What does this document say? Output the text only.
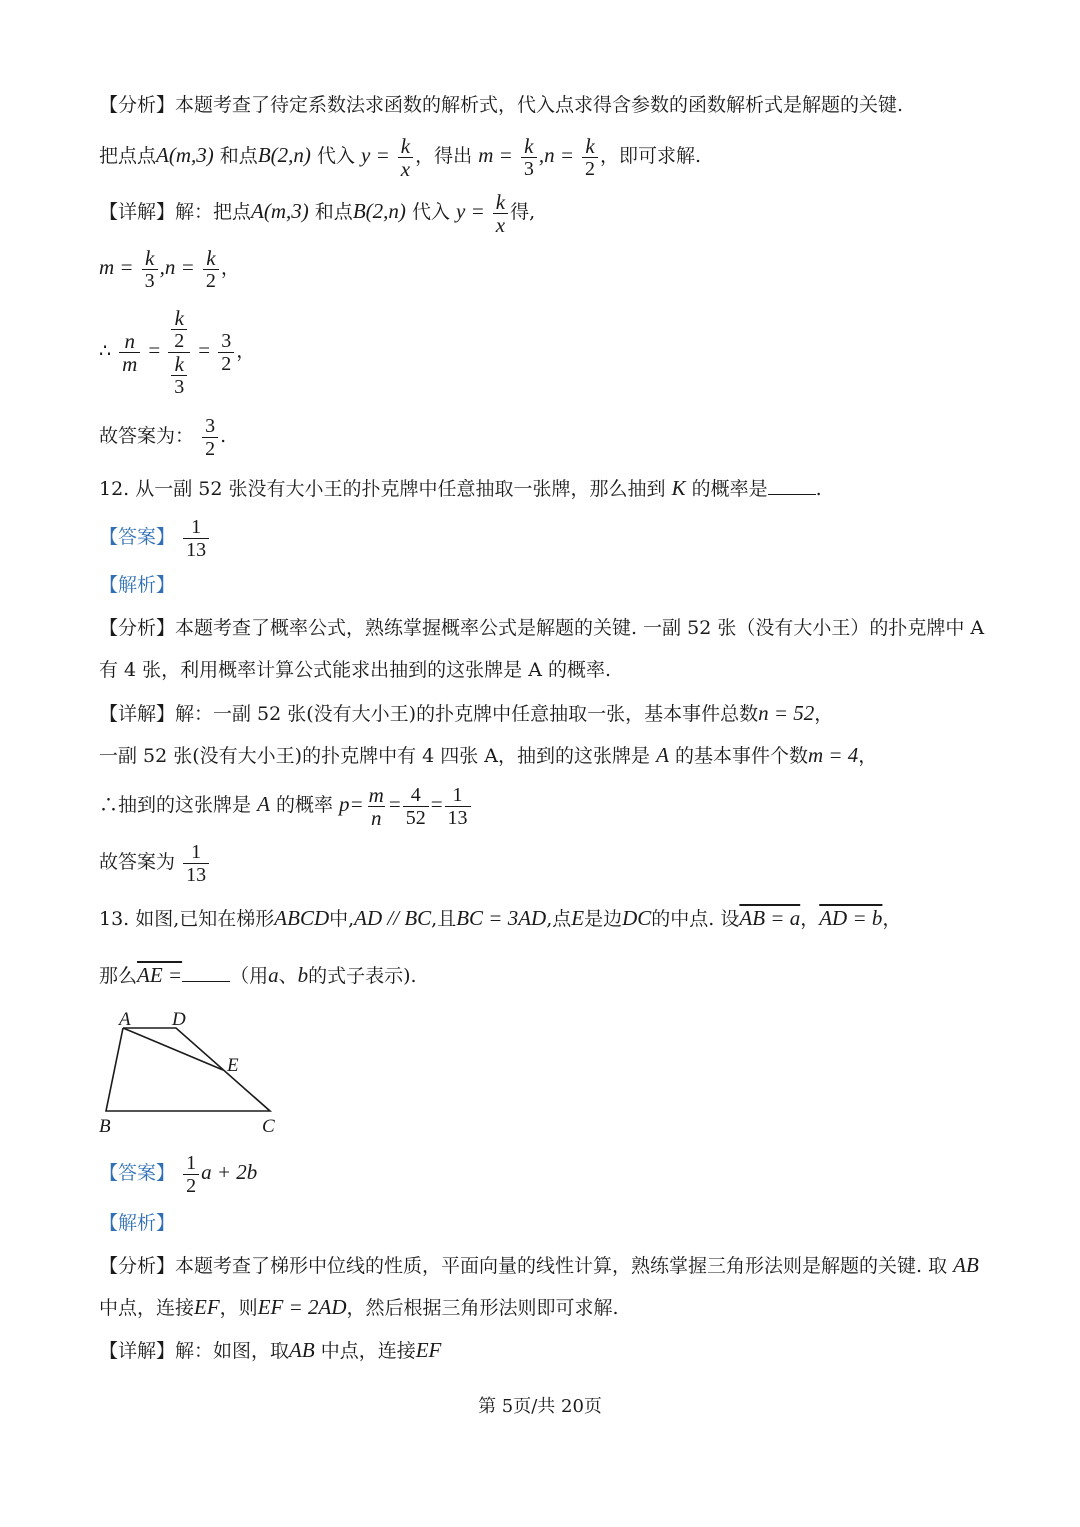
【分析】本题考查了待定系数法求函数的解析式，代入点求得含参数的函数解析式是解题的关键.
把点点A(m,3) 和点B(2,n) 代入 $y = \frac{k}{x}$ ，得出 $m = \frac{k}{3} ,n = \frac{k}{2}$ ，即可求解.
【详解】解：把点A(m,3) 和点B(2,n) 代入 $y = \frac{k}{x}$ 得,
$m = \frac{k}{3} ,n = \frac{k}{2}$ ，
∴ $\frac{n}{m} = \frac{\frac{k}{2}}{\frac{k}{3}} = \frac{3}{2}$ ，
故答案为： $\frac{3}{2}$ .
12. 从一副 52 张没有大小王的扑克牌中任意抽取一张牌，那么抽到 K 的概率是	.
【答案】 $\frac{1}{13}$
【解析】
【分析】本题考查了概率公式，熟练掌握概率公式是解题的关键. 一副 52 张（没有大小王）的扑克牌中 A
有 4 张，利用概率计算公式能求出抽到的这张牌是 A 的概率.
【详解】解：一副 52 张(没有大小王)的扑克牌中任意抽取一张，基本事件总数n = 52，
一副 52 张(没有大小王)的扑克牌中有 4 四张 A，抽到的这张牌是 A 的基本事件个数m = 4，
∴抽到的这张牌是 A 的概率 $p= \frac{m}{n} = \frac{4}{52} = \frac{1}{13}$
故答案为 $\frac{1}{13}$
13. 如图,已知在梯形ABCD中,AD // BC,且BC = 3AD,点E是边DC的中点. 设AB = a，AD = b，
那么AE =	（用a、b的式子表示).
A D
E
B	C
【答案】 $\frac{1}{2}$ a + 2b
【解析】
【分析】本题考查了梯形中位线的性质，平面向量的线性计算，熟练掌握三角形法则是解题的关键. 取 AB
中点，连接EF，则EF = 2AD，然后根据三角形法则即可求解.
【详解】解：如图，取AB 中点，连接EF
第 5页/共 20页
